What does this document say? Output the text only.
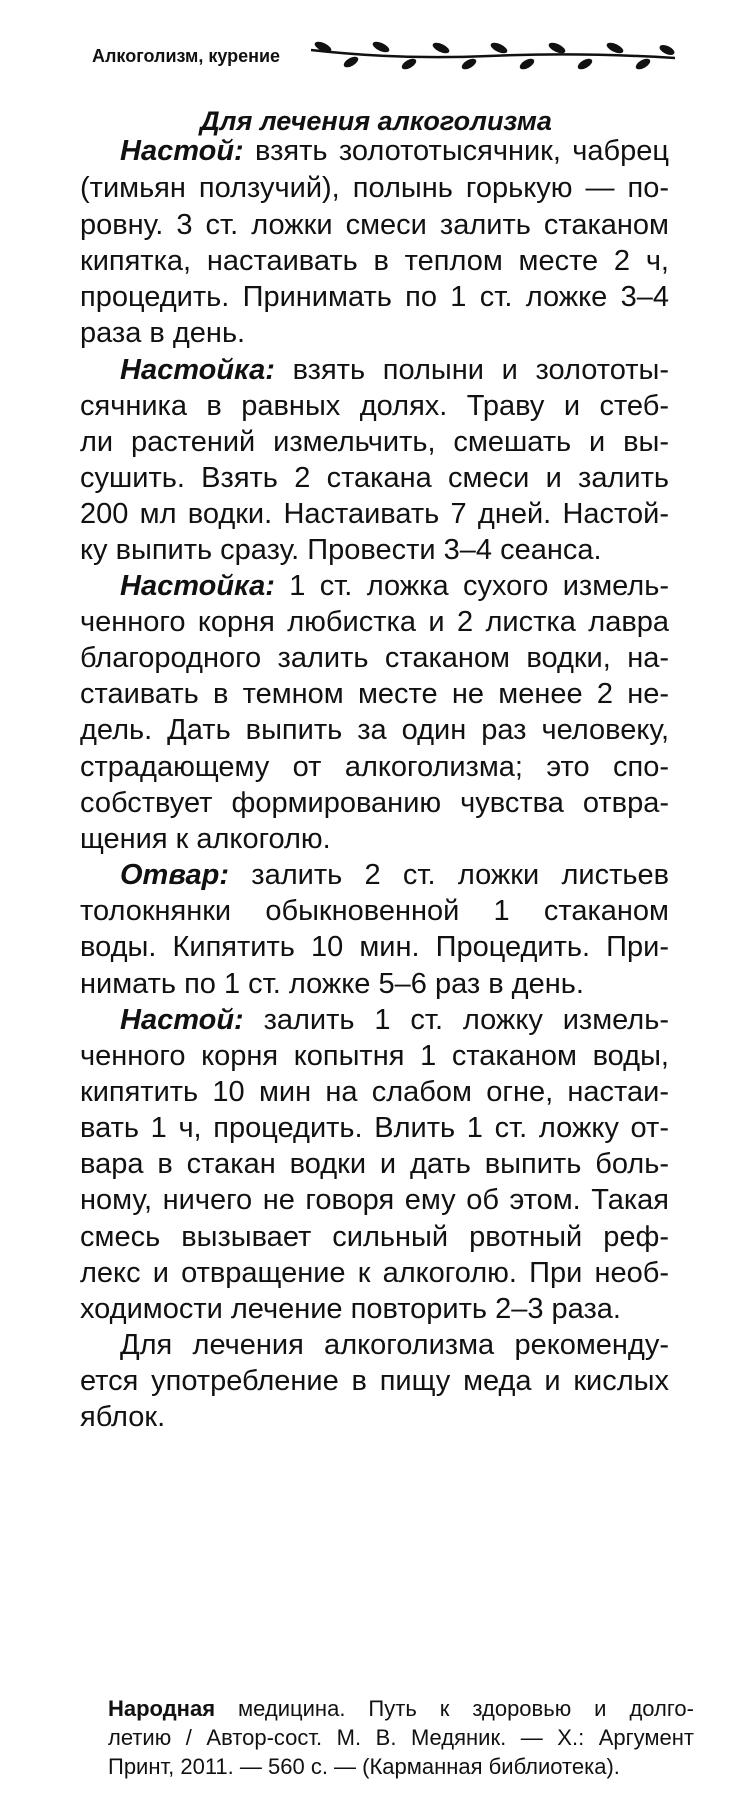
Алкоголизм, курение
Для лечения алкоголизма
Настой: взять золототысячник, чабрец
(тимьян ползучий), полынь горькую — по-
ровну. 3 ст. ложки смеси залить стаканом
кипятка, настаивать в теплом месте 2 ч,
процедить. Принимать по 1 ст. ложке 3–4
раза в день.
Настойка: взять полыни и золототы-
сячника в равных долях. Траву и стеб-
ли растений измельчить, смешать и вы-
сушить. Взять 2 стакана смеси и залить
200 мл водки. Настаивать 7 дней. Настой-
ку выпить сразу. Провести 3–4 сеанса.
Настойка: 1 ст. ложка сухого измель-
ченного корня любистка и 2 листка лавра
благородного залить стаканом водки, на-
стаивать в темном месте не менее 2 не-
дель. Дать выпить за один раз человеку,
страдающему от алкоголизма; это спо-
собствует формированию чувства отвра-
щения к алкоголю.
Отвар: залить 2 ст. ложки листьев
толокнянки обыкновенной 1 стаканом
воды. Кипятить 10 мин. Процедить. При-
нимать по 1 ст. ложке 5–6 раз в день.
Настой: залить 1 ст. ложку измель-
ченного корня копытня 1 стаканом воды,
кипятить 10 мин на слабом огне, настаи-
вать 1 ч, процедить. Влить 1 ст. ложку от-
вара в стакан водки и дать выпить боль-
ному, ничего не говоря ему об этом. Такая
смесь вызывает сильный рвотный реф-
лекс и отвращение к алкоголю. При необ-
ходимости лечение повторить 2–3 раза.
Для лечения алкоголизма рекоменду-
ется употребление в пищу меда и кислых
яблок.
Народная медицина. Путь к здоровью и долго-
летию / Автор-сост. М. В. Медяник. — Х.: Аргумент
Принт, 2011. — 560 с. — (Карманная библиотека).
